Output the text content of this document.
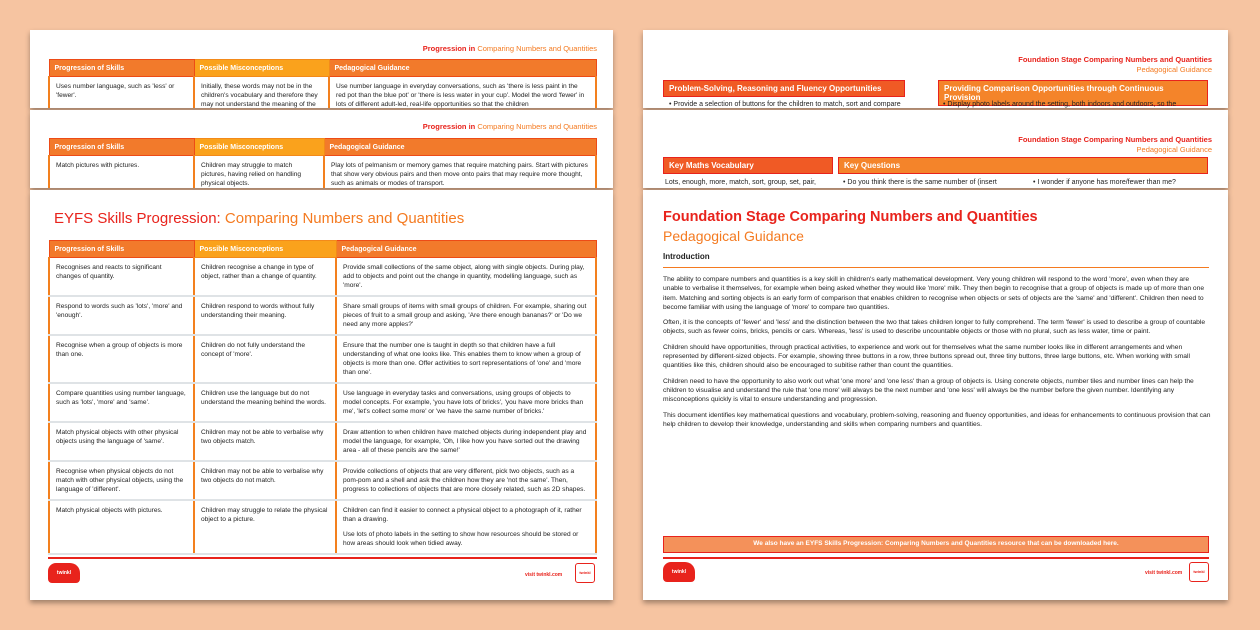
Progression in Comparing Numbers and Quantities
Progression of Skills	Possible Misconceptions	Pedagogical Guidance
Uses number language, such as 'less' or 'fewer'.	Initially, these words may not be in the children's vocabulary and therefore they may not understand the meaning of the	Use number language in everyday conversations, such as 'there is less paint in the red pot than the blue pot' or 'there is less water in your cup'. Model the word 'fewer' in lots of different adult-led, real-life opportunities so that the children
Progression in Comparing Numbers and Quantities
Progression of Skills	Possible Misconceptions	Pedagogical Guidance
Match pictures with pictures.	Children may struggle to match pictures, having relied on handling physical objects.	Play lots of pelmanism or memory games that require matching pairs. Start with pictures that show very obvious pairs and then move onto pairs that may require more thought, such as animals or modes of transport.
EYFS Skills Progression: Comparing Numbers and Quantities
Progression of Skills	Possible Misconceptions	Pedagogical Guidance

Recognises and reacts to significant changes of quantity.	Children recognise a change in type of object, rather than a change of quantity.	Provide small collections of the same object, along with single objects. During play, add to objects and point out the change in quantity, modelling language, such as 'more'.

Respond to words such as 'lots', 'more' and 'enough'.	Children respond to words without fully understanding their meaning.	Share small groups of items with small groups of children. For example, sharing out pieces of fruit to a small group and asking, 'Are there enough bananas?' or 'Do we need any more apples?'

Recognise when a group of objects is more than one.	Children do not fully understand the concept of 'more'.	Ensure that the number one is taught in depth so that children have a full understanding of what one looks like. This enables them to know when a group of objects is more than one. Offer activities to sort representations of 'one' and 'more than one'.

Compare quantities using number language, such as 'lots', 'more' and 'same'.	Children use the language but do not understand the meaning behind the words.	Use language in everyday tasks and conversations, using groups of objects to model concepts. For example, 'you have lots of bricks', 'you have more bricks than me', 'let's collect some more' or 'we have the same number of bricks.'

Match physical objects with other physical objects using the language of 'same'.	Children may not be able to verbalise why two objects match.	Draw attention to when children have matched objects during independent play and model the language, for example, 'Oh, I like how you have sorted out the drawing area - all of these pencils are the same!'

Recognise when physical objects do not match with other physical objects, using the language of 'different'.	Children may not be able to verbalise why two objects do not match.	Provide collections of objects that are very different, pick two objects, such as a pom-pom and a shell and ask the children how they are 'not the same'. Then, progress to collections of objects that are more closely related, such as 2D shapes.

Match physical objects with pictures.	Children may struggle to relate the physical object to a picture.	Children can find it easier to connect a physical object to a photograph of it, rather than a drawing.

Use lots of photo labels in the setting to show how resources should be stored or how areas should look when tidied away.

twinkl foundations
visit twinkl.com	twinkl
Foundation Stage Comparing Numbers and Quantities
Pedagogical Guidance
Problem-Solving, Reasoning and Fluency Opportunities	Providing Comparison Opportunities through Continuous Provision
• Provide a selection of buttons for the children to match, sort and compare	• Display photo labels around the setting, both indoors and outdoors, so the
Foundation Stage Comparing Numbers and Quantities
Pedagogical Guidance
Key Maths Vocabulary	Key Questions
Lots, enough, more, match, sort, group, set, pair,	• Do you think there is the same number of (insert	• I wonder if anyone has more/fewer than me?
Foundation Stage Comparing Numbers and Quantities
Pedagogical Guidance
Introduction

The ability to compare numbers and quantities is a key skill in children's early mathematical development. Very young children will respond to the word 'more', even when they are unable to verbalise it themselves, for example when being asked whether they would like 'more' milk. They then begin to recognise that a group of objects is made up of more than one item. Matching and sorting objects is an early form of comparison that enables children to recognise when objects or sets of objects are the 'same' and 'different'. Children then need to become familiar with using the language of 'more' to compare two quantities.

Often, it is the concepts of 'fewer' and 'less' and the distinction between the two that takes children longer to fully comprehend. The term 'fewer' is used to describe a group of countable objects, such as fewer coins, bricks, pencils or cars. Whereas, 'less' is used to describe uncountable objects or those with no plural, such as less water, time or paint.

Children should have opportunities, through practical activities, to experience and work out for themselves what the same number looks like in different arrangements and when represented by different-sized objects. For example, showing three buttons in a row, three buttons spread out, three tiny buttons, three large buttons, etc. When working with small quantities like this, children should also be encouraged to subitise rather than count the quantities.

Children need to have the opportunity to also work out what 'one more' and 'one less' than a group of objects is. Using concrete objects, number tiles and number lines can help the children to visualise and understand the rule that 'one more' will always be the next number and 'one less' will always be the number before the given number. Identifying any misconceptions quickly is vital to ensure understanding and progression.

This document identifies key mathematical questions and vocabulary, problem-solving, reasoning and fluency opportunities, and ideas for enhancements to continuous provision that can help children to develop their knowledge, understanding and skills when comparing numbers and quantities.

We also have an EYFS Skills Progression: Comparing Numbers and Quantities resource that can be downloaded here.
twinkl foundations
visit twinkl.com	twinkl
